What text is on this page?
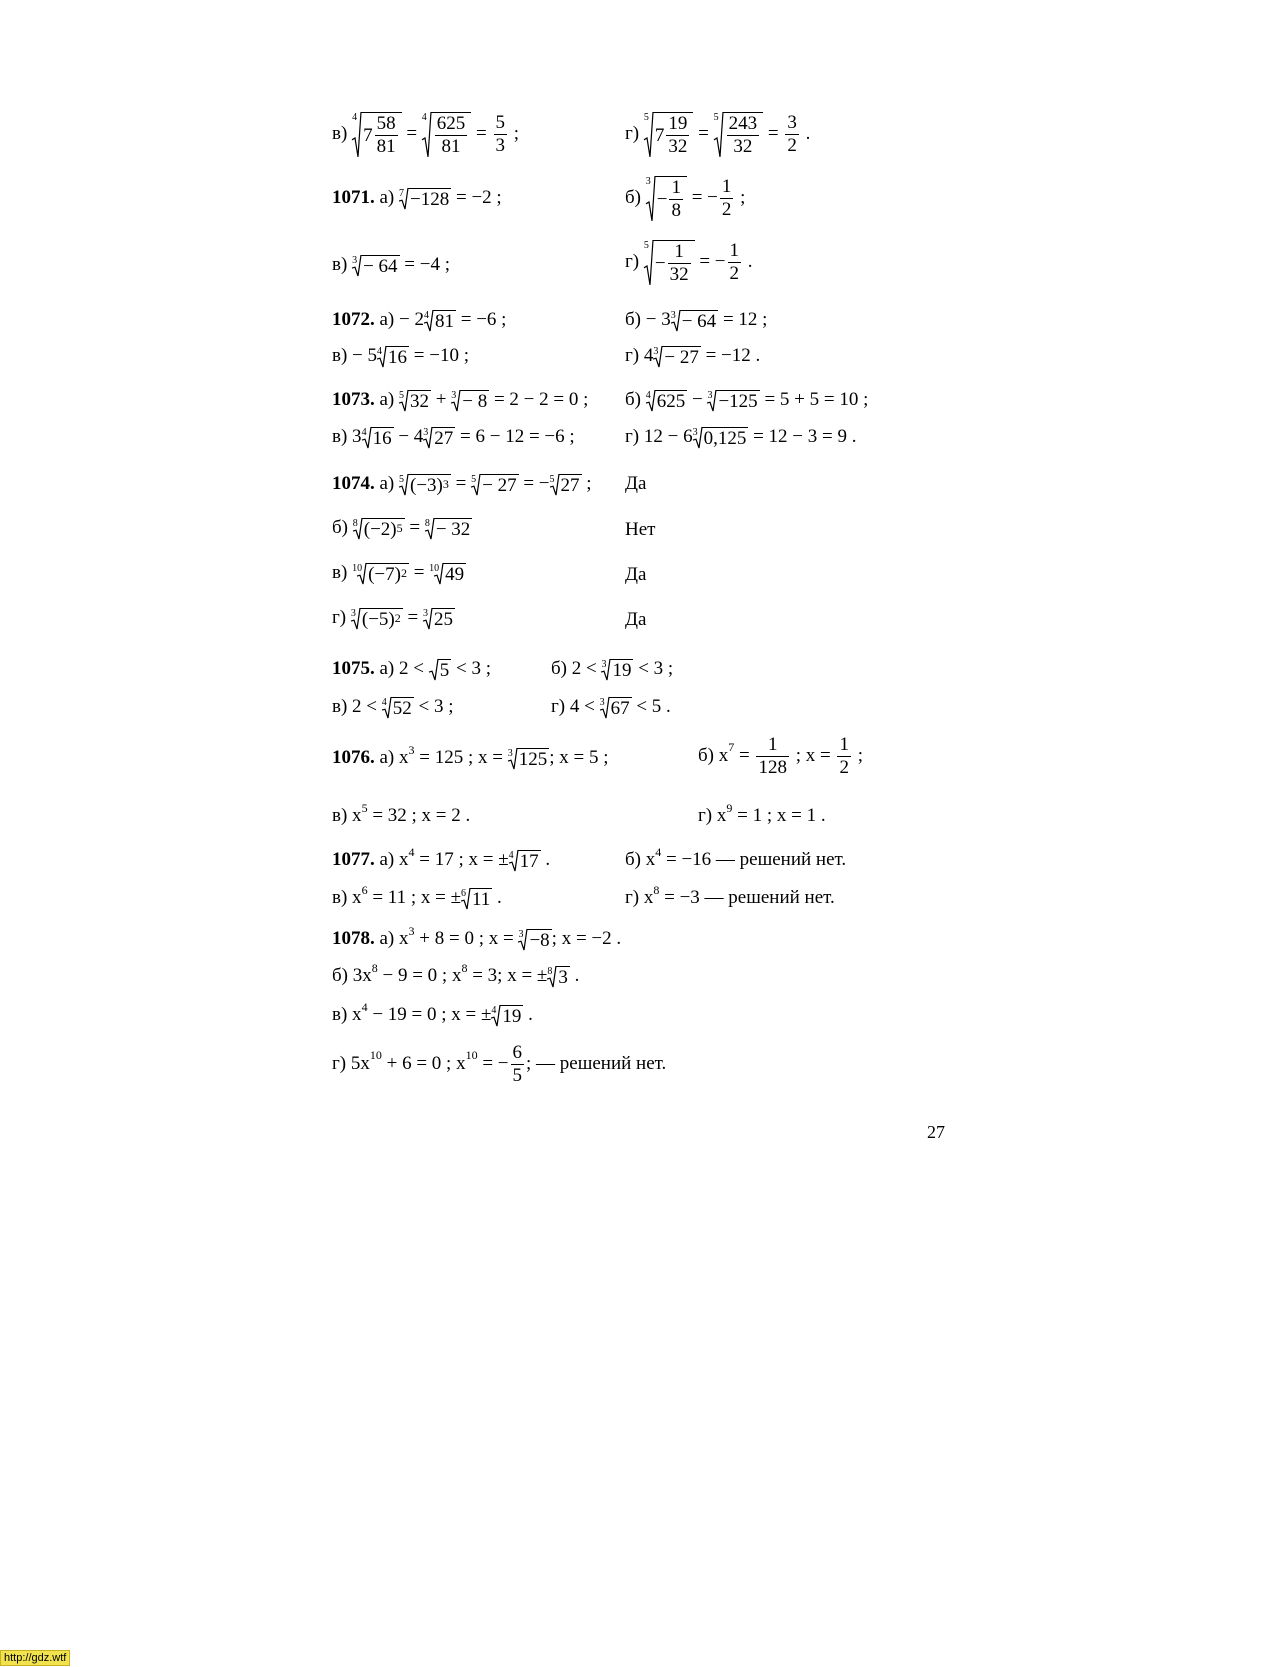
в)
4
$7 \frac{58}{81}$ =
$4 \frac{625}{81} = \frac{5}{3}$ ;	г)
5
$7 \frac{19}{32}$ =
$5 \frac{243}{32} = \frac{3}{2}$ .
1071. а) 7 −128 = −2 ;	б)
3
− $\frac{1}{8}$ = − $\frac{1}{2}$ ;
в) 3 − 64 = −4 ;	г)
5
− $\frac{1}{32}$ = − $\frac{1}{2}$ .
1072. а) − 2 4 81 = −6 ;	б) − 3 3 − 64 = 12 ;
в) − 5 4 16 = −10 ;	г) 4 3 − 27 = −12 .
1073. а) 5 32 + 3 − 8 = 2 − 2 = 0 ; б) 4 625 − 3 −125 = 5 + 5 = 10 ;
в) 3 4 16 − 4 3 27 = 6 − 12 = −6 ;	г) 12 − 6 3 0,125 = 12 − 3 = 9 .
1074. а) 5 $(-3)^3 = 5 - 27$ = − 5 27 ; Да
б) 8 $(-2)^5 = 8 - 32$	Нет
в) 10 $(-7)^2 = 10$ 49	Да
г) 3 $(-5)^2 = 3$ 25	Да
1075. а) 2 < 5 < 3 ;	б) 2 < 3 19 < 3 ;
в) 2 < 4 52 < 3 ;	г) 4 < 3 67 < 5 .
1076. а) $x^3 = 125$ ; x = 3 125 ; x = 5 ;	б) $x^7 = \frac{1}{128}$ ; $x = \frac{1}{2}$ ;
в) $x^5 = 32$ ; x = 2 .	г) $x^9 = 1$ ; x = 1 .
1077. а) $x^4 = 17$ ; x = ± 4 17 .	б) $x^4 = -16$ — решений нет.
в) $x^6 = 11$ ; x = ± 6 11 .	г) $x^8 = -3$ — решений нет.
1078. а) $x^3 + 8 = 0$ ; x = 3 −8 ; x = −2 .
б) $3x^8 - 9 = 0$ ; $x^8 = 3$; x = ± 8 3 .
в) $x^4 - 19 = 0$ ; x = ± 4 19 .
г) $5x^{10} + 6 = 0$ ; $x^{10}$ = − $\frac{6}{5}$ ; — решений нет.
27
http://gdz.wtf
